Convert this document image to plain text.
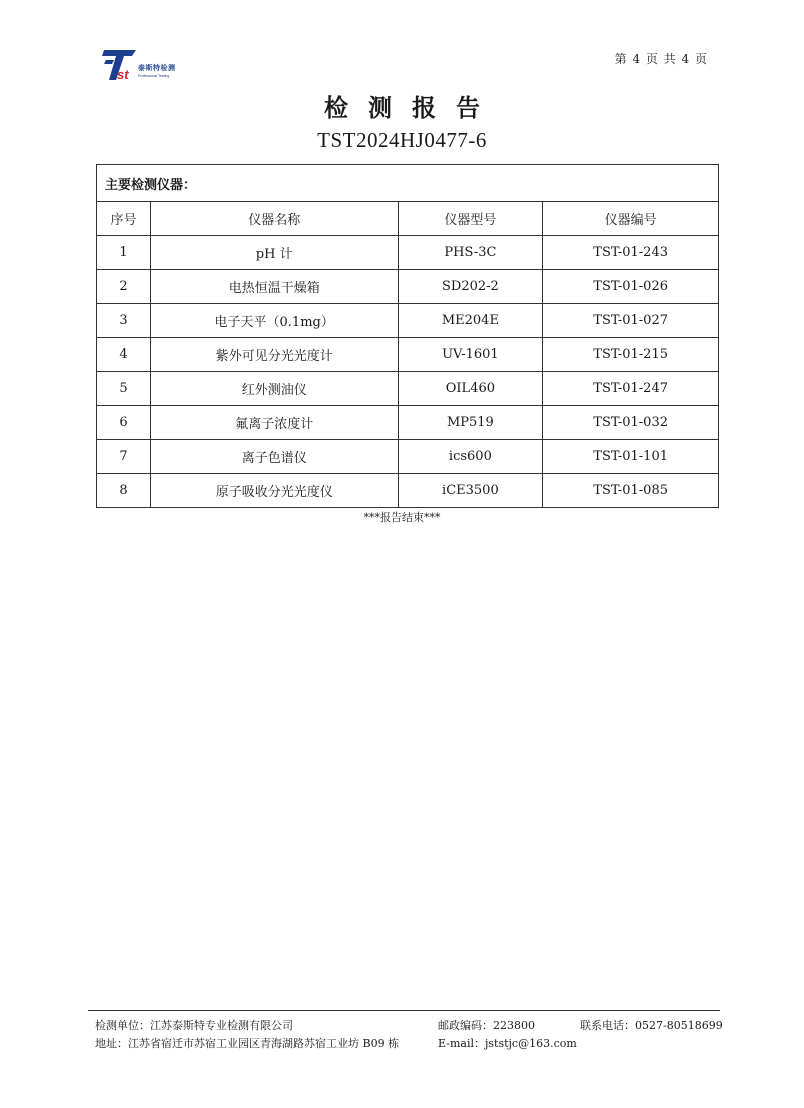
st 泰斯特检测
Professional Testing
第 4 页 共 4 页
检测报告
TST2024HJ0477-6
主要检测仪器：			
序号	仪器名称	仪器型号	仪器编号
1	pH 计	PHS-3C	TST-01-243
2	电热恒温干燥箱	SD202-2	TST-01-026
3	电子天平（0.1mg）	ME204E	TST-01-027
4	紫外可见分光光度计	UV-1601	TST-01-215
5	红外测油仪	OIL460	TST-01-247
6	氟离子浓度计	MP519	TST-01-032
7	离子色谱仪	ics600	TST-01-101
8	原子吸收分光光度仪	iCE3500	TST-01-085
***报告结束***
检测单位：江苏泰斯特专业检测有限公司	邮政编码：223800	联系电话：0527-80518699
地址：江苏省宿迁市苏宿工业园区青海湖路苏宿工业坊 B09 栋	E-mail：jststjc@163.com
